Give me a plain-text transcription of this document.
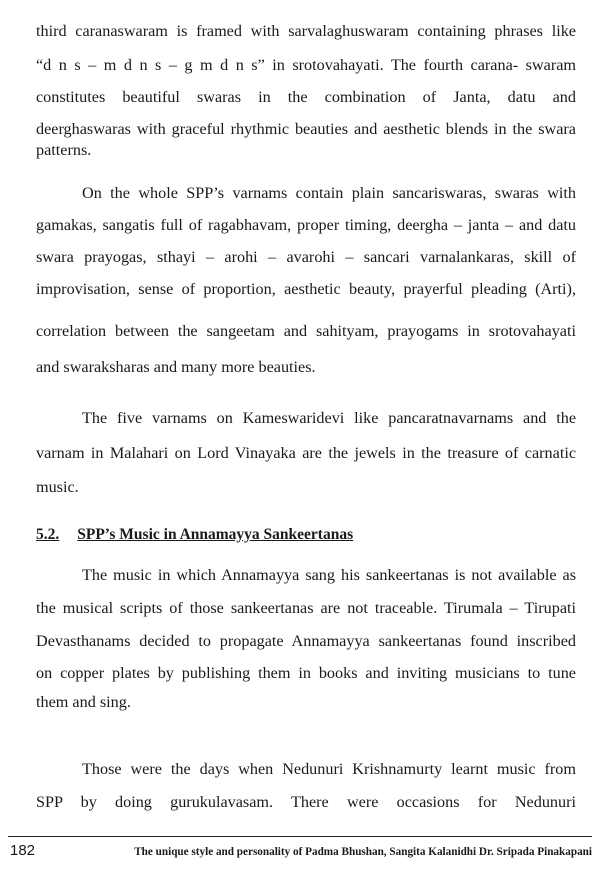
third caranaswaram is framed with sarvalaghuswaram containing phrases like
“d n s – m d n s – g m d n s” in srotovahayati. The fourth carana- swaram
constitutes beautiful swaras in the combination of Janta, datu and
deerghaswaras with graceful rhythmic beauties and aesthetic blends in the swara
patterns.
On the whole SPP’s varnams contain plain sancariswaras, swaras with
gamakas, sangatis full of ragabhavam, proper timing, deergha – janta – and datu
swara prayogas, sthayi – arohi – avarohi – sancari varnalankaras, skill of
improvisation, sense of proportion, aesthetic beauty, prayerful pleading (Arti),
correlation between the sangeetam and sahityam, prayogams in srotovahayati
and swaraksharas and many more beauties.
The five varnams on Kameswaridevi like pancaratnavarnams and the
varnam in Malahari on Lord Vinayaka are the jewels in the treasure of carnatic
music.
5.2. SPP’s Music in Annamayya Sankeertanas
The music in which Annamayya sang his sankeertanas is not available as
the musical scripts of those sankeertanas are not traceable. Tirumala – Tirupati
Devasthanams decided to propagate Annamayya sankeertanas found inscribed
on copper plates by publishing them in books and inviting musicians to tune
them and sing.
Those were the days when Nedunuri Krishnamurty learnt music from
SPP by doing gurukulavasam. There were occasions for Nedunuri
182	The unique style and personality of Padma Bhushan, Sangita Kalanidhi Dr. Sripada Pinakapani
